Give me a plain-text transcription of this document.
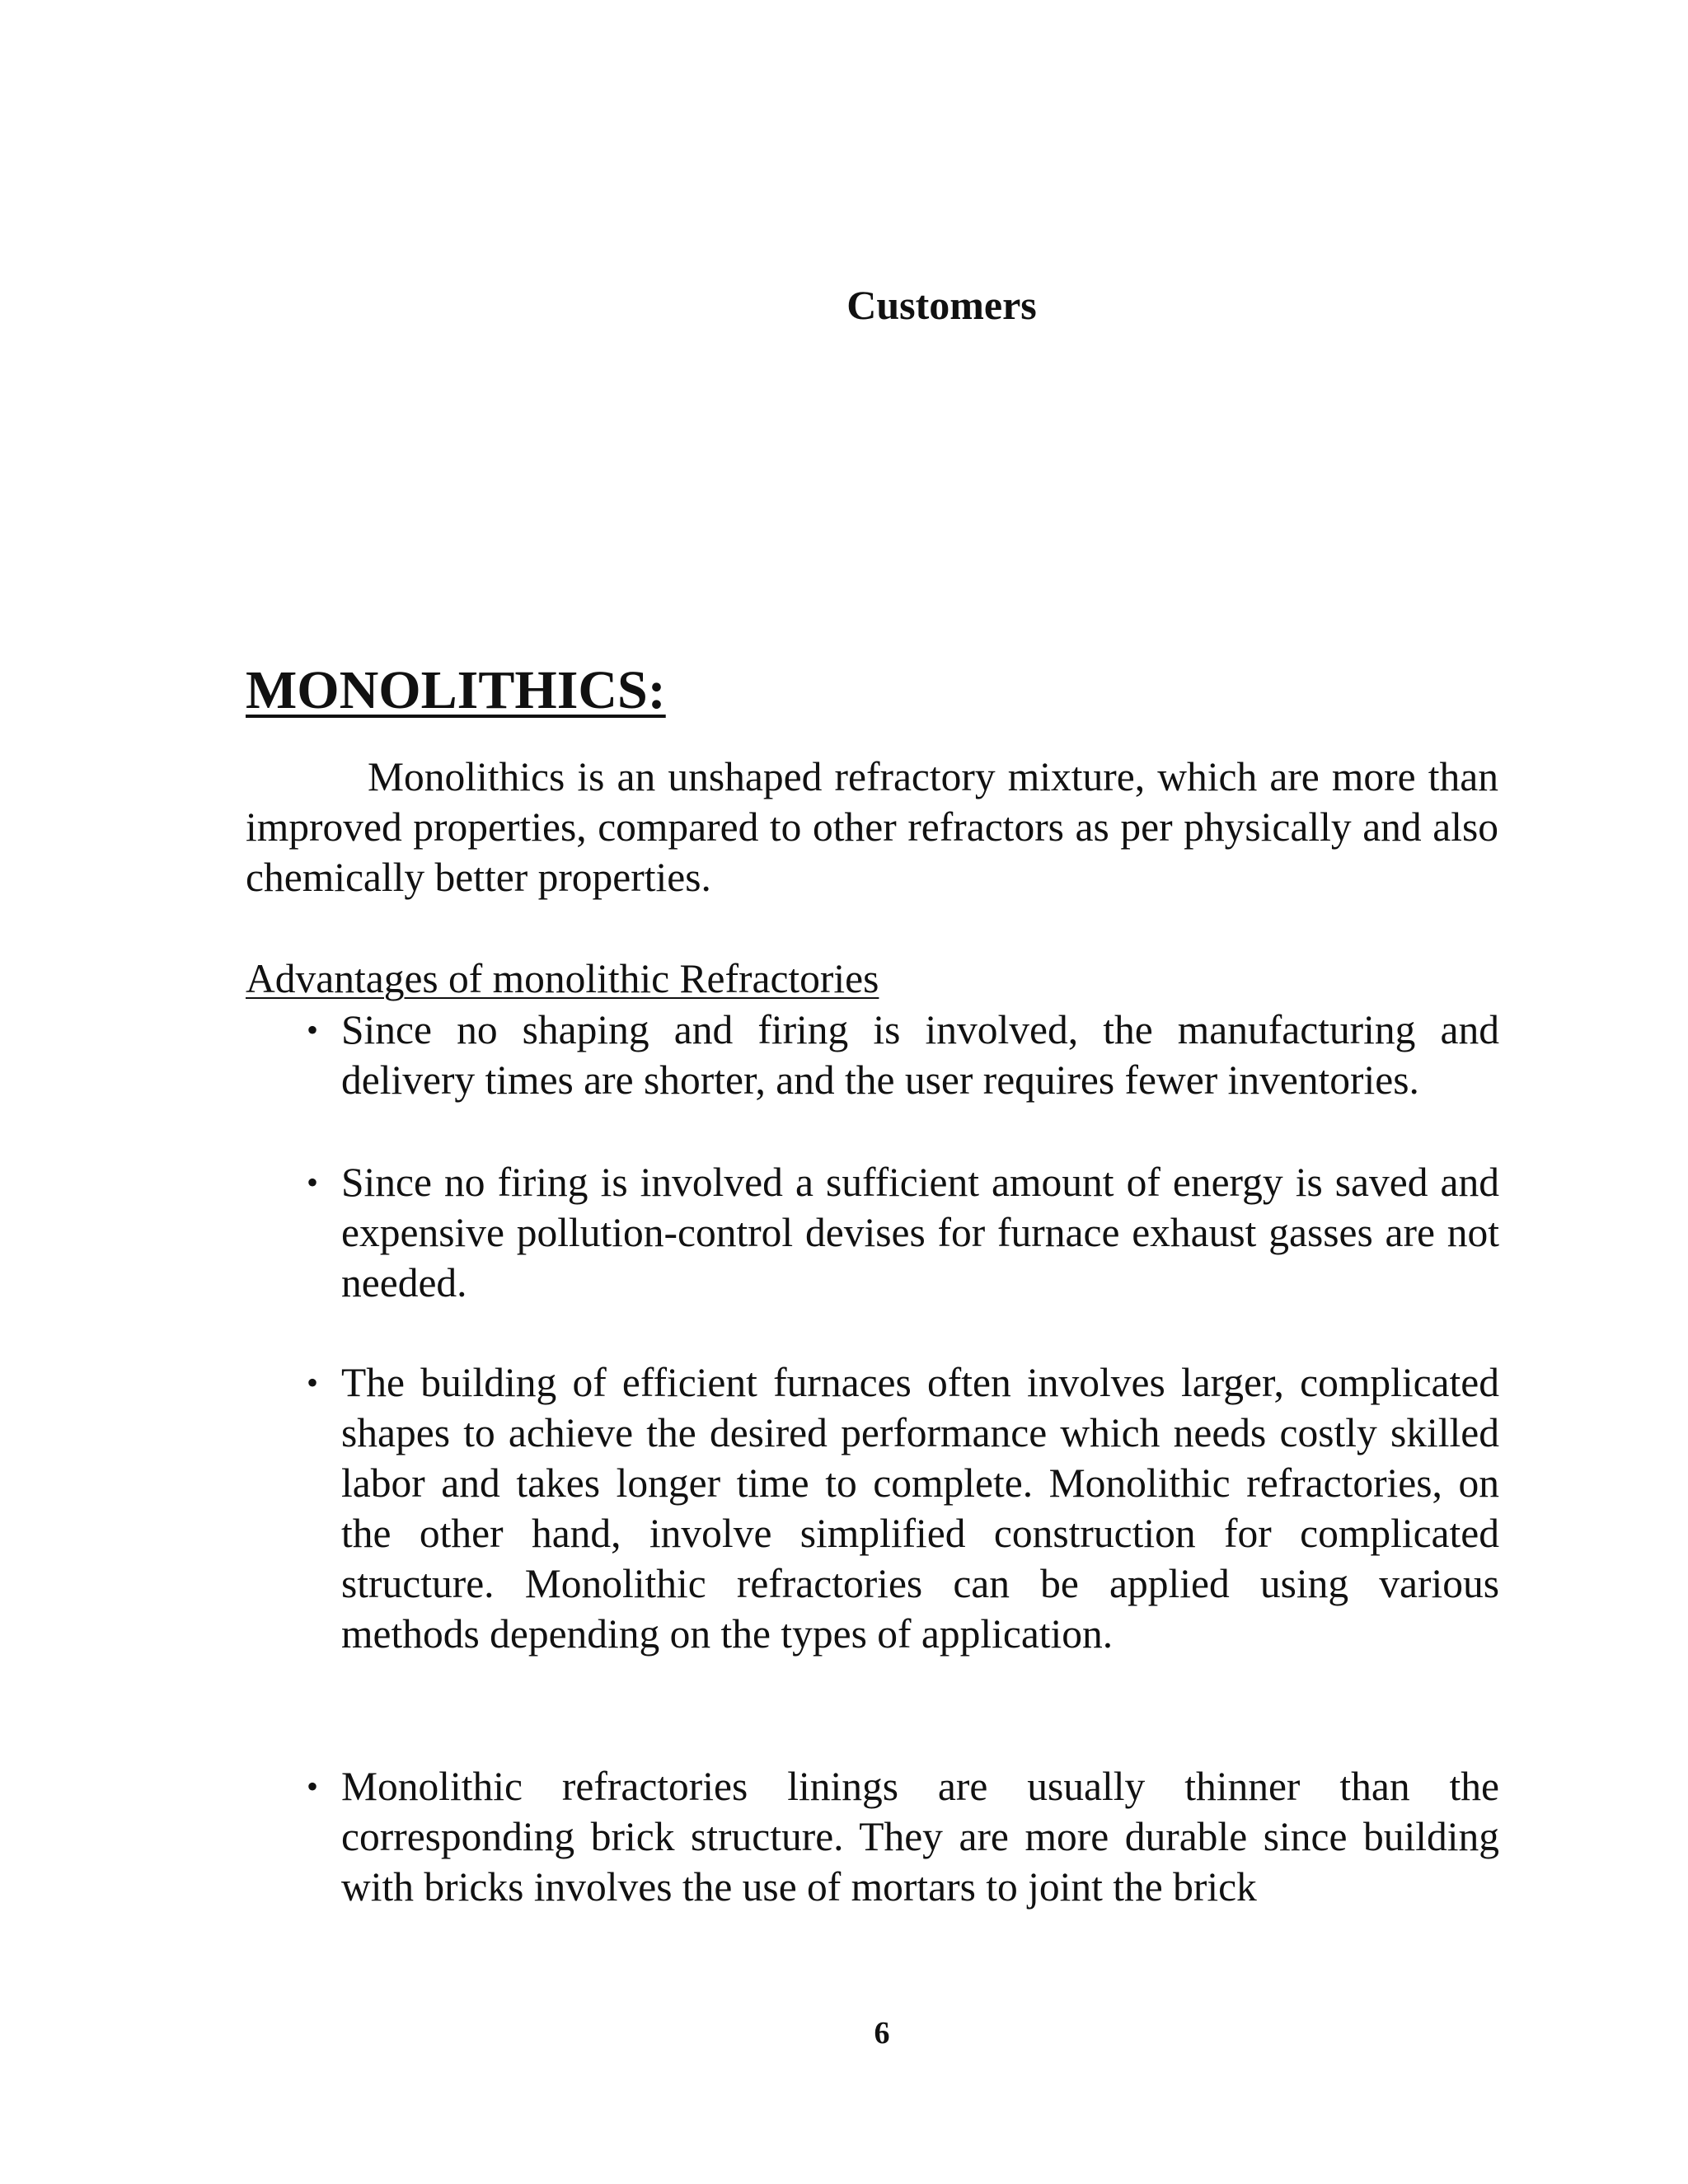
Customers
MONOLITHICS:

Monolithics is an unshaped refractory mixture, which are more than improved properties, compared to other refractors as per physically and also chemically better properties.

Advantages of monolithic Refractories

• Since no shaping and firing is involved, the manufacturing and delivery times are shorter, and the user requires fewer inventories.
• Since no firing is involved a sufficient amount of energy is saved and expensive pollution-control devises for furnace exhaust gasses are not needed.
• The building of efficient furnaces often involves larger, complicated shapes to achieve the desired performance which needs costly skilled labor and takes longer time to complete. Monolithic refractories, on the other hand, involve simplified construction for complicated structure. Monolithic refractories can be applied using various methods depending on the types of application.
• Monolithic refractories linings are usually thinner than the corresponding brick structure. They are more durable since building with bricks involves the use of mortars to joint the brick
6
